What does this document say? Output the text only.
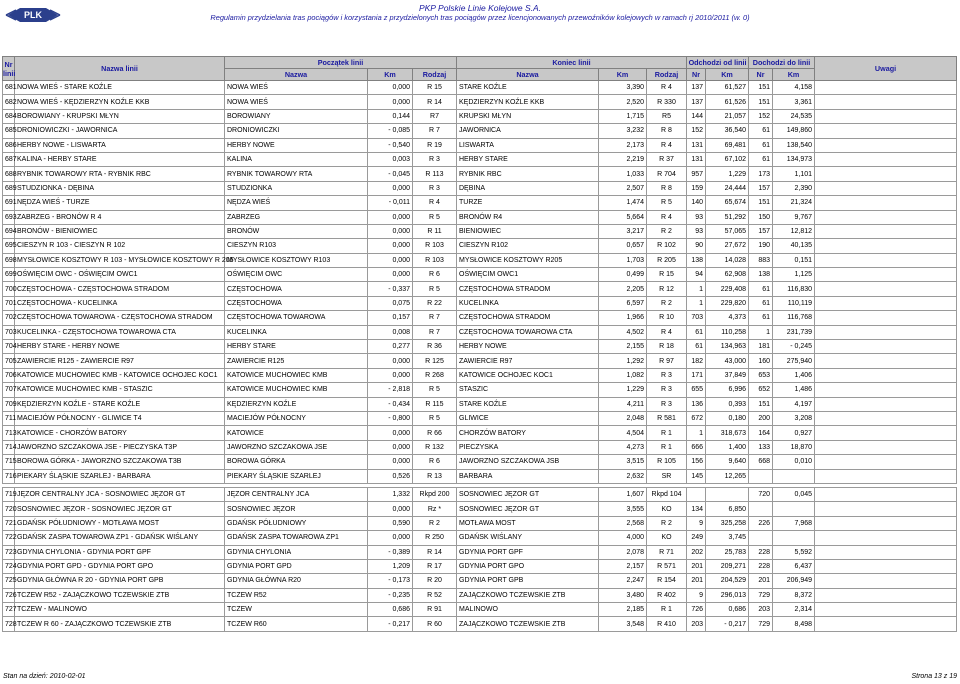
PLK
PKP Polskie Linie Kolejowe S.A.
Regulamin przydzielania tras pociągów i korzystania z przydzielonych tras pociągów przez licencjonowanych przewoźników kolejowych w ramach rj 2010/2011 (w. 0)
Nr linii	Nazwa linii	Początek linii			Koniec linii			Odchodzi od linii		Dochodzi do linii		Uwagi
		Nazwa	Km	Rodzaj	Nazwa	Km	Rodzaj	Nr	Km	Nr	Km	
681	NOWA WIEŚ - STARE KOŹLE	NOWA WIEŚ	0,000	R 15	STARE KOŹLE	3,390	R 4	137	61,527	151	4,158	
682	NOWA WIEŚ - KĘDZIERZYN KOŹLE KKB	NOWA WIEŚ	0,000	R 14	KĘDZIERZYN KOŹLE KKB	2,520	R 330	137	61,526	151	3,361	
684	BOROWIANY - KRUPSKI MŁYN	BOROWIANY	0,144	R7	KRUPSKI MŁYN	1,715	R5	144	21,057	152	24,535	
685	DRONIOWICZKI - JAWORNICA	DRONIOWICZKI	- 0,085	R 7	JAWORNICA	3,232	R 8	152	36,540	61	149,860	
686	HERBY NOWE - LISWARTA	HERBY NOWE	- 0,540	R 19	LISWARTA	2,173	R 4	131	69,481	61	138,540	
687	KALINA - HERBY STARE	KALINA	0,003	R 3	HERBY STARE	2,219	R 37	131	67,102	61	134,973	
688	RYBNIK TOWAROWY RTA - RYBNIK RBC	RYBNIK TOWAROWY RTA	- 0,045	R 113	RYBNIK RBC	1,033	R 704	957	1,229	173	1,101	
689	STUDZIONKA - DĘBINA	STUDZIONKA	0,000	R 3	DĘBINA	2,507	R 8	159	24,444	157	2,390	
691	NĘDZA WIEŚ - TURZE	NĘDZA WIEŚ	- 0,011	R 4	TURZE	1,474	R 5	140	65,674	151	21,324	
693	ZABRZEG - BRONÓW R 4	ZABRZEG	0,000	R 5	BRONÓW R4	5,664	R 4	93	51,292	150	9,767	
694	BRONÓW - BIENIOWIEC	BRONÓW	0,000	R 11	BIENIOWIEC	3,217	R 2	93	57,065	157	12,812	
695	CIESZYN R 103 - CIESZYN R 102	CIESZYN R103	0,000	R 103	CIESZYN R102	0,657	R 102	90	27,672	190	40,135	
698	MYSŁOWICE KOSZTOWY R 103 - MYSŁOWICE KOSZTOWY R 205	MYSŁOWICE KOSZTOWY R103	0,000	R 103	MYSŁOWICE KOSZTOWY R205	1,703	R 205	138	14,028	883	0,151	
699	OŚWIĘCIM OWC - OŚWIĘCIM OWC1	OŚWIĘCIM OWC	0,000	R 6	OŚWIĘCIM OWC1	0,499	R 15	94	62,908	138	1,125	
700	CZĘSTOCHOWA - CZĘSTOCHOWA STRADOM	CZĘSTOCHOWA	- 0,337	R 5	CZĘSTOCHOWA STRADOM	2,205	R 12	1	229,408	61	116,830	
701	CZĘSTOCHOWA - KUCELINKA	CZĘSTOCHOWA	0,075	R 22	KUCELINKA	6,597	R 2	1	229,820	61	110,119	
702	CZĘSTOCHOWA TOWAROWA - CZĘSTOCHOWA STRADOM	CZĘSTOCHOWA TOWAROWA	0,157	R 7	CZĘSTOCHOWA STRADOM	1,966	R 10	703	4,373	61	116,768	
703	KUCELINKA - CZĘSTOCHOWA TOWAROWA CTA	KUCELINKA	0,008	R 7	CZĘSTOCHOWA TOWAROWA CTA	4,502	R 4	61	110,258	1	231,739	
704	HERBY STARE - HERBY NOWE	HERBY STARE	0,277	R 36	HERBY NOWE	2,155	R 18	61	134,963	181	- 0,245	
705	ZAWIERCIE R125 - ZAWIERCIE R97	ZAWIERCIE R125	0,000	R 125	ZAWIERCIE R97	1,292	R 97	182	43,000	160	275,940	
706	KATOWICE MUCHOWIEC KMB - KATOWICE OCHOJEC KOC1	KATOWICE MUCHOWIEC KMB	0,000	R 268	KATOWICE OCHOJEC KOC1	1,082	R 3	171	37,849	653	1,406	
707	KATOWICE MUCHOWIEC KMB - STASZIC	KATOWICE MUCHOWIEC KMB	- 2,818	R 5	STASZIC	1,229	R 3	655	6,996	652	1,486	
709	KĘDZIERZYN KOŹLE - STARE KOŹLE	KĘDZIERZYN KOŹLE	- 0,434	R 115	STARE KOŹLE	4,211	R 3	136	0,393	151	4,197	
711	MACIEJÓW PÓŁNOCNY - GLIWICE T4	MACIEJÓW PÓŁNOCNY	- 0,800	R 5	GLIWICE	2,048	R 581	672	0,180	200	3,208	
713	KATOWICE - CHORZÓW BATORY	KATOWICE	0,000	R 66	CHORZÓW BATORY	4,504	R 1	1	318,673	164	0,927	
714	JAWORZNO SZCZAKOWA JSE - PIECZYSKA T3P	JAWORZNO SZCZAKOWA JSE	0,000	R 132	PIECZYSKA	4,273	R 1	666	1,400	133	18,870	
715	BOROWA GÓRKA - JAWORZNO SZCZAKOWA T3B	BOROWA GÓRKA	0,000	R 6	JAWORZNO SZCZAKOWA JSB	3,515	R 105	156	9,640	668	0,010	
716	PIEKARY ŚLĄSKIE SZARLEJ - BARBARA	PIEKARY ŚLĄSKIE SZARLEJ	0,526	R 13	BARBARA	2,632	SR	145	12,265			

719	JĘZOR CENTRALNY JCA - SOSNOWIEC JĘZOR GT	JĘZOR CENTRALNY JCA	1,332	Rkpd 200	SOSNOWIEC JĘZOR GT	1,607	Rkpd 104			720	0,045	
720	SOSNOWIEC JĘZOR - SOSNOWIEC JĘZOR GT	SOSNOWIEC JĘZOR	0,000	Rz *	SOSNOWIEC JĘZOR GT	3,555	KO	134	6,850			
721	GDAŃSK PÓŁUDNIOWY - MOTŁAWA MOST	GDAŃSK PÓŁUDNIOWY	0,590	R 2	MOTŁAWA MOST	2,568	R 2	9	325,258	226	7,968	
722	GDAŃSK ZASPA TOWAROWA ZP1 - GDAŃSK WIŚLANY	GDAŃSK ZASPA TOWAROWA ZP1	0,000	R 250	GDAŃSK WIŚLANY	4,000	KO	249	3,745			
723	GDYNIA CHYLONIA - GDYNIA PORT GPF	GDYNIA CHYLONIA	- 0,389	R 14	GDYNIA PORT GPF	2,078	R 71	202	25,783	228	5,592	
724	GDYNIA PORT GPD - GDYNIA PORT GPO	GDYNIA PORT GPD	1,209	R 17	GDYNIA PORT GPO	2,157	R 571	201	209,271	228	6,437	
725	GDYNIA GŁÓWNA R 20 - GDYNIA PORT GPB	GDYNIA GŁÓWNA R20	- 0,173	R 20	GDYNIA PORT GPB	2,247	R 154	201	204,529	201	206,949	
726	TCZEW R52 - ZAJĄCZKOWO TCZEWSKIE ZTB	TCZEW R52	- 0,235	R 52	ZAJĄCZKOWO TCZEWSKIE ZTB	3,480	R 402	9	296,013	729	8,372	
727	TCZEW - MALINOWO	TCZEW	0,686	R 91	MALINOWO	2,185	R 1	726	0,686	203	2,314	
728	TCZEW R 60 - ZAJĄCZKOWO TCZEWSKIE ZTB	TCZEW R60	- 0,217	R 60	ZAJĄCZKOWO TCZEWSKIE ZTB	3,548	R 410	203	- 0,217	729	8,498	
Stan na dzień: 2010-02-01	Strona 13 z 19
